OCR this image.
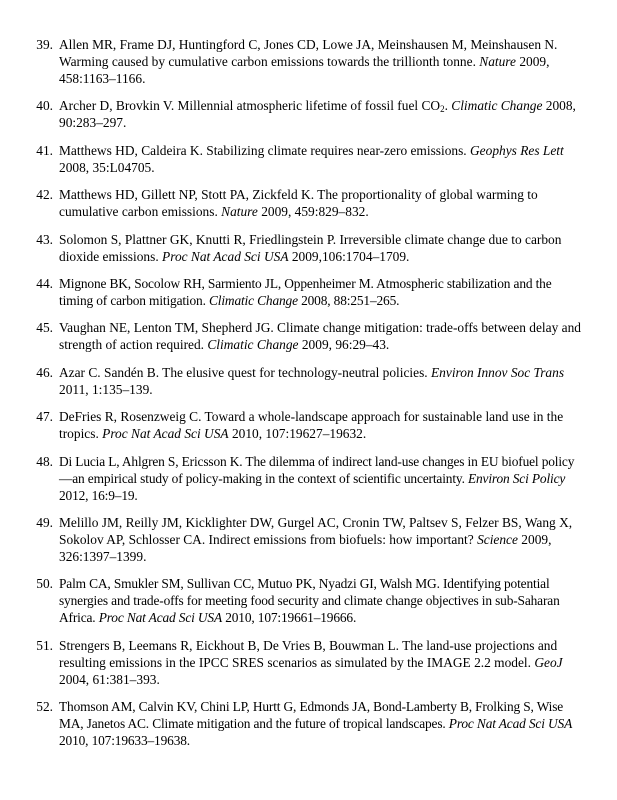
39. Allen MR, Frame DJ, Huntingford C, Jones CD, Lowe JA, Meinshausen M, Meinshausen N. Warming caused by cumulative carbon emissions towards the trillionth tonne. Nature 2009, 458:1163–1166.
40. Archer D, Brovkin V. Millennial atmospheric lifetime of fossil fuel $CO_2$. Climatic Change 2008, 90:283–297.
41. Matthews HD, Caldeira K. Stabilizing climate requires near-zero emissions. Geophys Res Lett 2008, 35:L04705.
42. Matthews HD, Gillett NP, Stott PA, Zickfeld K. The proportionality of global warming to cumulative carbon emissions. Nature 2009, 459:829–832.
43. Solomon S, Plattner GK, Knutti R, Friedlingstein P. Irreversible climate change due to carbon dioxide emissions. Proc Nat Acad Sci USA 2009,106:1704–1709.
44. Mignone BK, Socolow RH, Sarmiento JL, Oppenheimer M. Atmospheric stabilization and the timing of carbon mitigation. Climatic Change 2008, 88:251–265.
45. Vaughan NE, Lenton TM, Shepherd JG. Climate change mitigation: trade-offs between delay and strength of action required. Climatic Change 2009, 96:29–43.
46. Azar C. Sandén B. The elusive quest for technology-neutral policies. Environ Innov Soc Trans 2011, 1:135–139.
47. DeFries R, Rosenzweig C. Toward a whole-landscape approach for sustainable land use in the tropics. Proc Nat Acad Sci USA 2010, 107:19627–19632.
48. Di Lucia L, Ahlgren S, Ericsson K. The dilemma of indirect land-use changes in EU biofuel policy—an empirical study of policy-making in the context of scientific uncertainty. Environ Sci Policy 2012, 16:9–19.
49. Melillo JM, Reilly JM, Kicklighter DW, Gurgel AC, Cronin TW, Paltsev S, Felzer BS, Wang X, Sokolov AP, Schlosser CA. Indirect emissions from biofuels: how important? Science 2009, 326:1397–1399.
50. Palm CA, Smukler SM, Sullivan CC, Mutuo PK, Nyadzi GI, Walsh MG. Identifying potential synergies and trade-offs for meeting food security and climate change objectives in sub-Saharan Africa. Proc Nat Acad Sci USA 2010, 107:19661–19666.
51. Strengers B, Leemans R, Eickhout B, De Vries B, Bouwman L. The land-use projections and resulting emissions in the IPCC SRES scenarios as simulated by the IMAGE 2.2 model. GeoJ 2004, 61:381–393.
52. Thomson AM, Calvin KV, Chini LP, Hurtt G, Edmonds JA, Bond-Lamberty B, Frolking S, Wise MA, Janetos AC. Climate mitigation and the future of tropical landscapes. Proc Nat Acad Sci USA 2010, 107:19633–19638.
